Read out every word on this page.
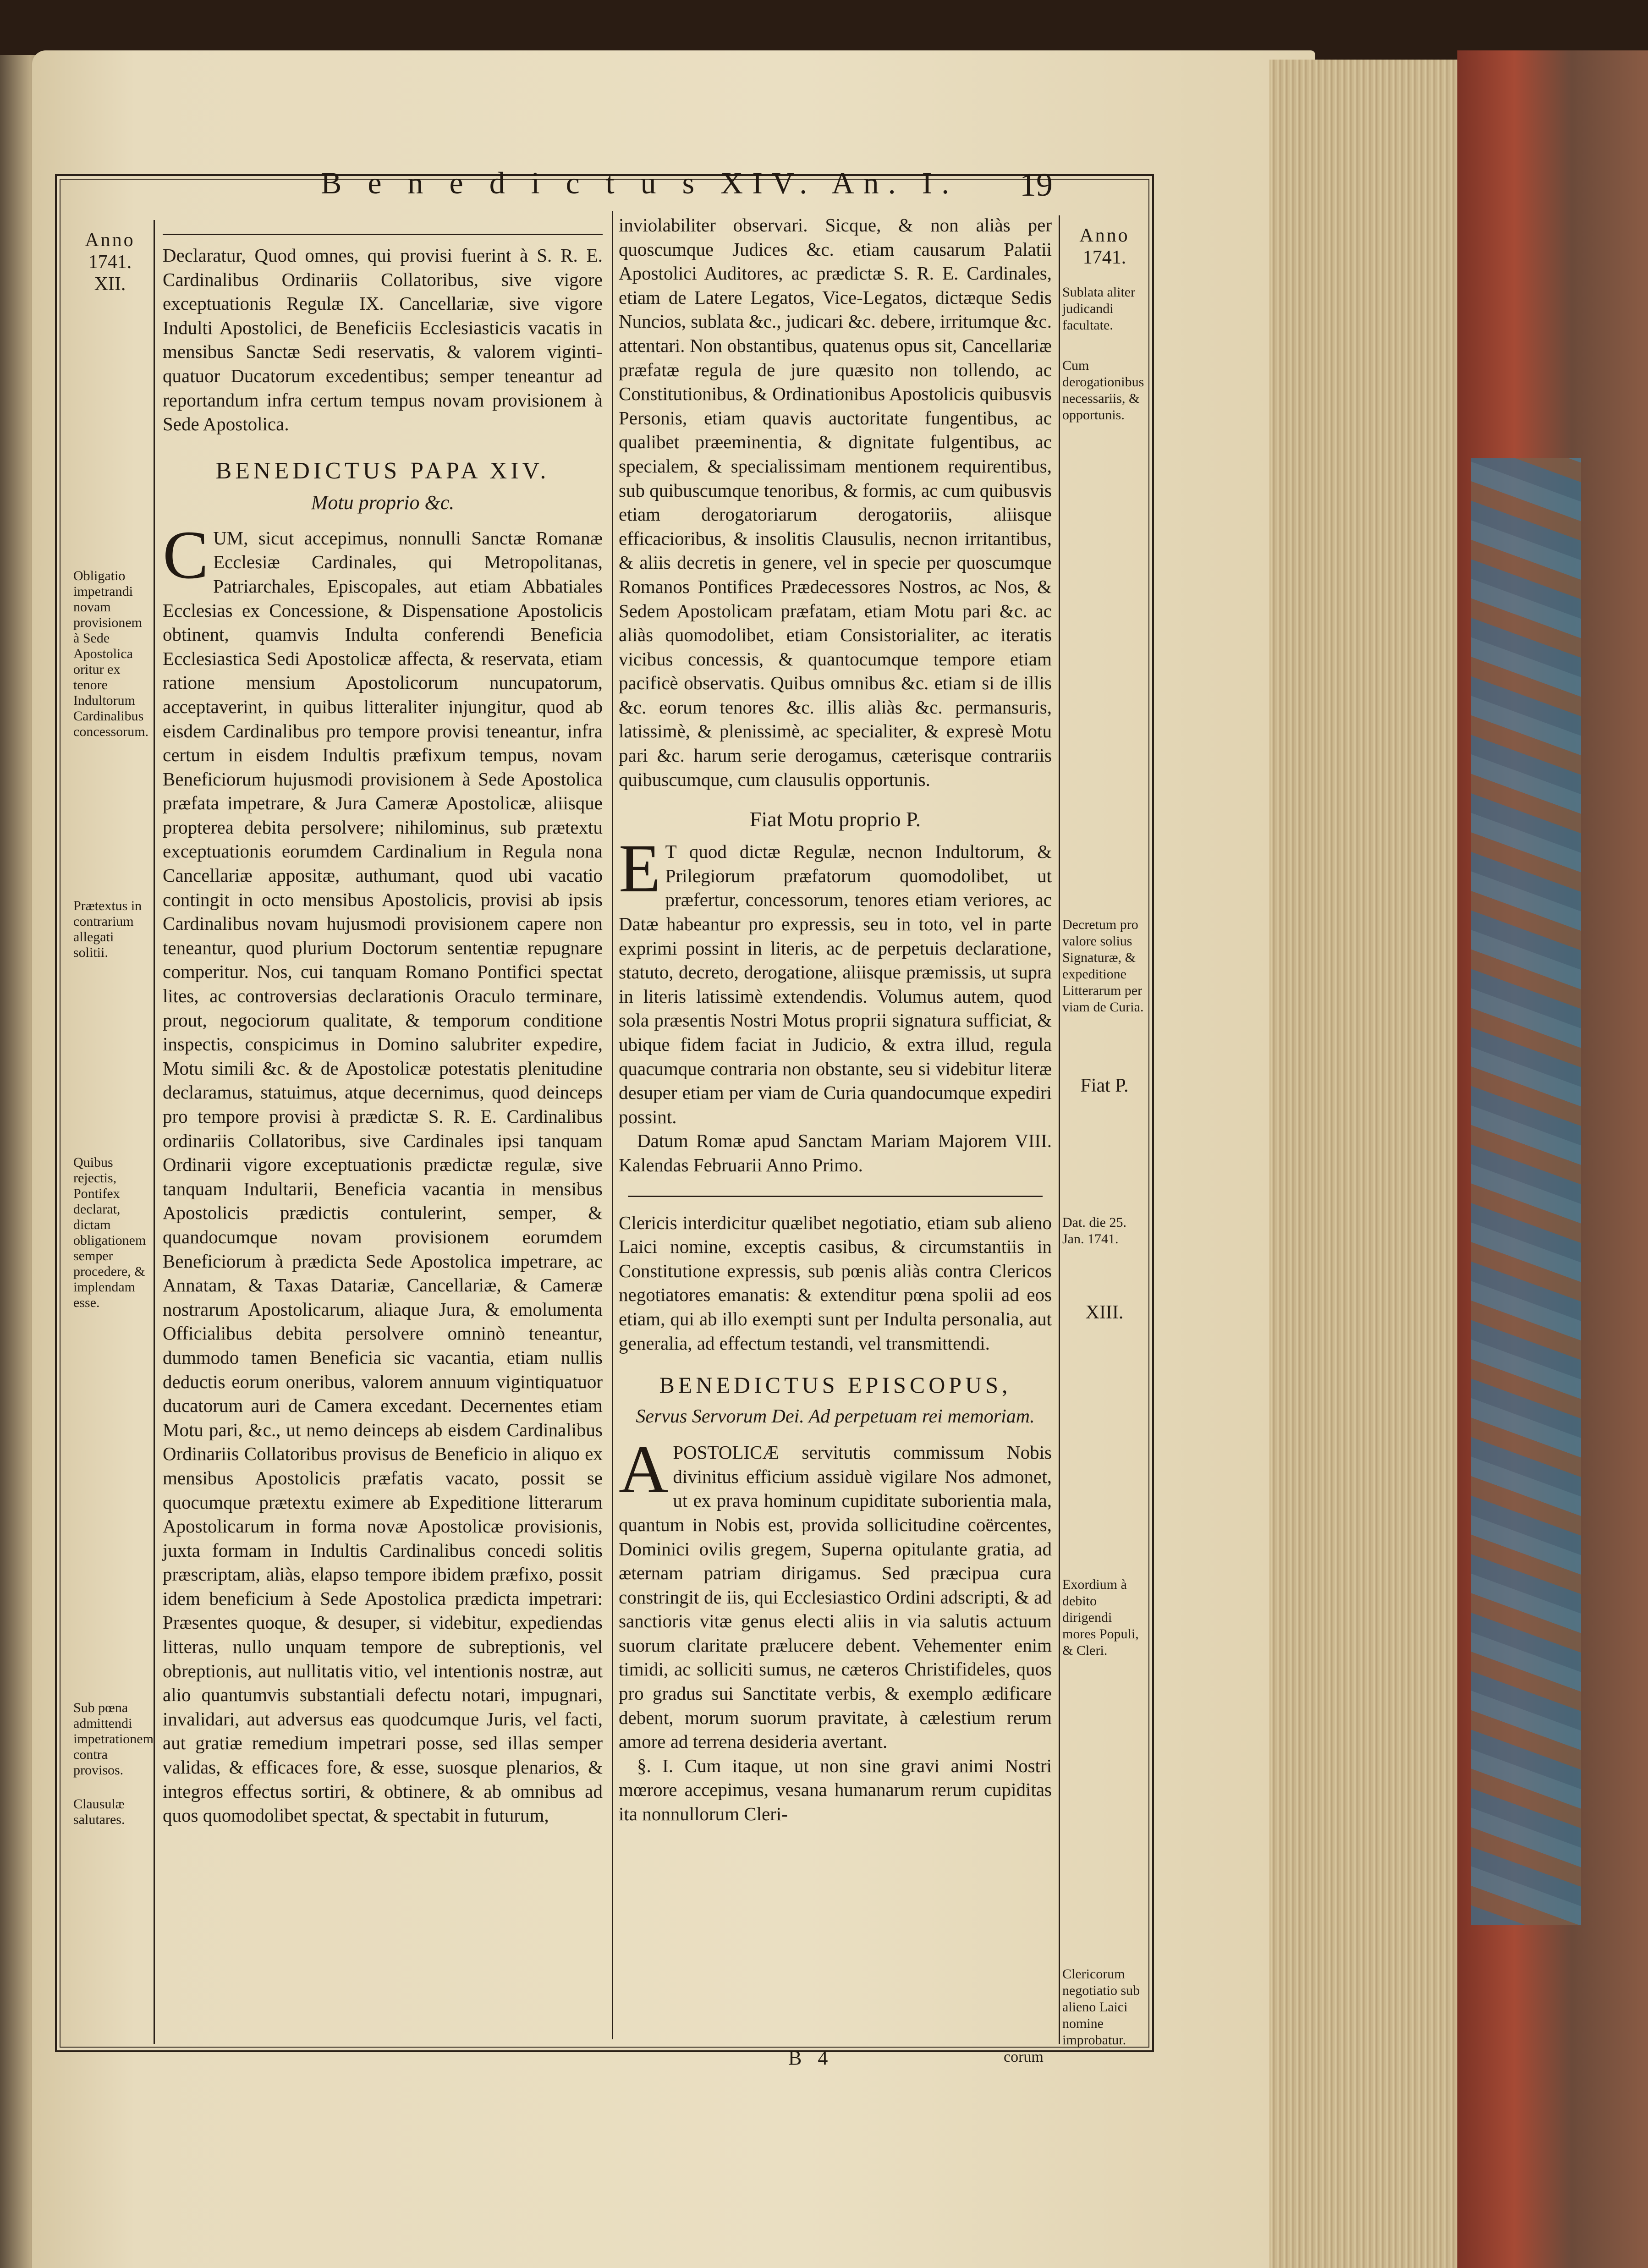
B e n e d i c t u s XIV. An. I.	19
Anno
1741.
XII.
Obligatio impetrandi novam provisionem à Sede Apostolica oritur ex tenore Indultorum Cardinalibus concessorum.
Prætextus in contrarium allegati solitii.
Quibus rejectis, Pontifex declarat, dictam obligationem semper procedere, & implendam esse.
Sub pœna admittendi impetrationem contra provisos.
Clausulæ salutares.
Declaratur, Quod omnes, qui provisi fuerint à S. R. E. Cardinalibus Ordinariis Collatoribus, sive vigore exceptuationis Regulæ IX. Cancellariæ, sive vigore Indulti Apostolici, de Beneficiis Ecclesiasticis vacatis in mensibus Sanctæ Sedi reservatis, & valorem viginti-quatuor Ducatorum excedentibus; semper teneantur ad reportandum infra certum tempus novam provisionem à Sede Apostolica.
BENEDICTUS PAPA XIV.
Motu proprio &c.
CUM, sicut accepimus, nonnulli Sanctæ Romanæ Ecclesiæ Cardinales, qui Metropolitanas, Patriarchales, Episcopales, aut etiam Abbatiales Ecclesias ex Concessione, & Dispensatione Apostolicis obtinent, quamvis Indulta conferendi Beneficia Ecclesiastica Sedi Apostolicæ affecta, & reservata, etiam ratione mensium Apostolicorum nuncupatorum, acceptaverint, in quibus litteraliter injungitur, quod ab eisdem Cardinalibus pro tempore provisi teneantur, infra certum in eisdem Indultis præfixum tempus, novam Beneficiorum hujusmodi provisionem à Sede Apostolica præfata impetrare, & Jura Cameræ Apostolicæ, aliisque propterea debita persolvere; nihilominus, sub prætextu exceptuationis eorumdem Cardinalium in Regula nona Cancellariæ appositæ, authumant, quod ubi vacatio contingit in octo mensibus Apostolicis, provisi ab ipsis Cardinalibus novam hujusmodi provisionem capere non teneantur, quod plurium Doctorum sententiæ repugnare comperitur. Nos, cui tanquam Romano Pontifici spectat lites, ac controversias declarationis Oraculo terminare, prout, negociorum qualitate, & temporum conditione inspectis, conspicimus in Domino salubriter expedire, Motu simili &c. & de Apostolicæ potestatis plenitudine declaramus, statuimus, atque decernimus, quod deinceps pro tempore provisi à prædictæ S. R. E. Cardinalibus ordinariis Collatoribus, sive Cardinales ipsi tanquam Ordinarii vigore exceptuationis prædictæ regulæ, sive tanquam Indultarii, Beneficia vacantia in mensibus Apostolicis prædictis contulerint, semper, & quandocumque novam provisionem eorumdem Beneficiorum à prædicta Sede Apostolica impetrare, ac Annatam, & Taxas Datariæ, Cancellariæ, & Cameræ nostrarum Apostolicarum, aliaque Jura, & emolumenta Officialibus debita persolvere omninò teneantur, dummodo tamen Beneficia sic vacantia, etiam nullis deductis eorum oneribus, valorem annuum vigintiquatuor ducatorum auri de Camera excedant. Decernentes etiam Motu pari, &c., ut nemo deinceps ab eisdem Cardinalibus Ordinariis Collatoribus provisus de Beneficio in aliquo ex mensibus Apostolicis præfatis vacato, possit se quocumque prætextu eximere ab Expeditione litterarum Apostolicarum in forma novæ Apostolicæ provisionis, juxta formam in Indultis Cardinalibus concedi solitis præscriptam, aliàs, elapso tempore ibidem præfixo, possit idem beneficium à Sede Apostolica prædicta impetrari: Præsentes quoque, & desuper, si videbitur, expediendas litteras, nullo unquam tempore de subreptionis, vel obreptionis, aut nullitatis vitio, vel intentionis nostræ, aut alio quantumvis substantiali defectu notari, impugnari, invalidari, aut adversus eas quodcumque Juris, vel facti, aut gratiæ remedium impetrari posse, sed illas semper validas, & efficaces fore, & esse, suosque plenarios, & integros effectus sortiri, & obtinere, & ab omnibus ad quos quomodolibet spectat, & spectabit in futurum,
inviolabiliter observari. Sicque, & non aliàs per quoscumque Judices &c. etiam causarum Palatii Apostolici Auditores, ac prædictæ S. R. E. Cardinales, etiam de Latere Legatos, Vice-Legatos, dictæque Sedis Nuncios, sublata &c., judicari &c. debere, irritumque &c. attentari. Non obstantibus, quatenus opus sit, Cancellariæ præfatæ regula de jure quæsito non tollendo, ac Constitutionibus, & Ordinationibus Apostolicis quibusvis Personis, etiam quavis auctoritate fungentibus, ac qualibet præeminentia, & dignitate fulgentibus, ac specialem, & specialissimam mentionem requirentibus, sub quibuscumque tenoribus, & formis, ac cum quibusvis etiam derogatoriarum derogatoriis, aliisque efficacioribus, & insolitis Clausulis, necnon irritantibus, & aliis decretis in genere, vel in specie per quoscumque Romanos Pontifices Prædecessores Nostros, ac Nos, & Sedem Apostolicam præfatam, etiam Motu pari &c. ac aliàs quomodolibet, etiam Consistorialiter, ac iteratis vicibus concessis, & quantocumque tempore etiam pacificè observatis. Quibus omnibus &c. etiam si de illis &c. eorum tenores &c. illis aliàs &c. permansuris, latissimè, & plenissimè, ac specialiter, & expresè Motu pari &c. harum serie derogamus, cæterisque contrariis quibuscumque, cum clausulis opportunis.
Fiat Motu proprio P.
E T quod dictæ Regulæ, necnon Indultorum, & Prilegiorum præfatorum quomodolibet, ut præfertur, concessorum, tenores etiam veriores, ac Datæ habeantur pro expressis, seu in toto, vel in parte exprimi possint in literis, ac de perpetuis declaratione, statuto, decreto, derogatione, aliisque præmissis, ut supra in literis latissimè extendendis. Volumus autem, quod sola præsentis Nostri Motus proprii signatura sufficiat, & ubique fidem faciat in Judicio, & extra illud, regula quacumque contraria non obstante, seu si videbitur literæ desuper etiam per viam de Curia quandocumque expediri possint.
Datum Romæ apud Sanctam Mariam Majorem VIII. Kalendas Februarii Anno Primo.
Clericis interdicitur quælibet negotiatio, etiam sub alieno Laici nomine, exceptis casibus, & circumstantiis in Constitutione expressis, sub pœnis aliàs contra Clericos negotiatores emanatis: & extenditur pœna spolii ad eos etiam, qui ab illo exempti sunt per Indulta personalia, aut generalia, ad effectum testandi, vel transmittendi.
BENEDICTUS EPISCOPUS,
Servus Servorum Dei. Ad perpetuam rei memoriam.
APOSTOLICÆ servitutis commissum Nobis divinitus efficium assiduè vigilare Nos admonet, ut ex prava hominum cupiditate suborientia mala, quantum in Nobis est, provida sollicitudine coërcentes, Dominici ovilis gregem, Superna opitulante gratia, ad æternam patriam dirigamus. Sed præcipua cura constringit de iis, qui Ecclesiastico Ordini adscripti, & ad sanctioris vitæ genus electi aliis in via salutis actuum suorum claritate prælucere debent. Vehementer enim timidi, ac solliciti sumus, ne cæteros Christifideles, quos pro gradus sui Sanctitate verbis, & exemplo ædificare debent, morum suorum pravitate, à cælestium rerum amore ad terrena desideria avertant.
§. I. Cum itaque, ut non sine gravi animi Nostri mœrore accepimus, vesana humanarum rerum cupiditas ita nonnullorum Cleri-
Anno
1741.
Sublata aliter judicandi facultate.
Cum derogationibus necessariis, & opportunis.
Decretum pro valore solius Signaturæ, & expeditione Litterarum per viam de Curia.
Fiat P.
Dat. die 25. Jan. 1741.
XIII.
Exordium à debito dirigendi mores Populi, & Cleri.
Clericorum negotiatio sub alieno Laici nomine improbatur.
B 4	corum
